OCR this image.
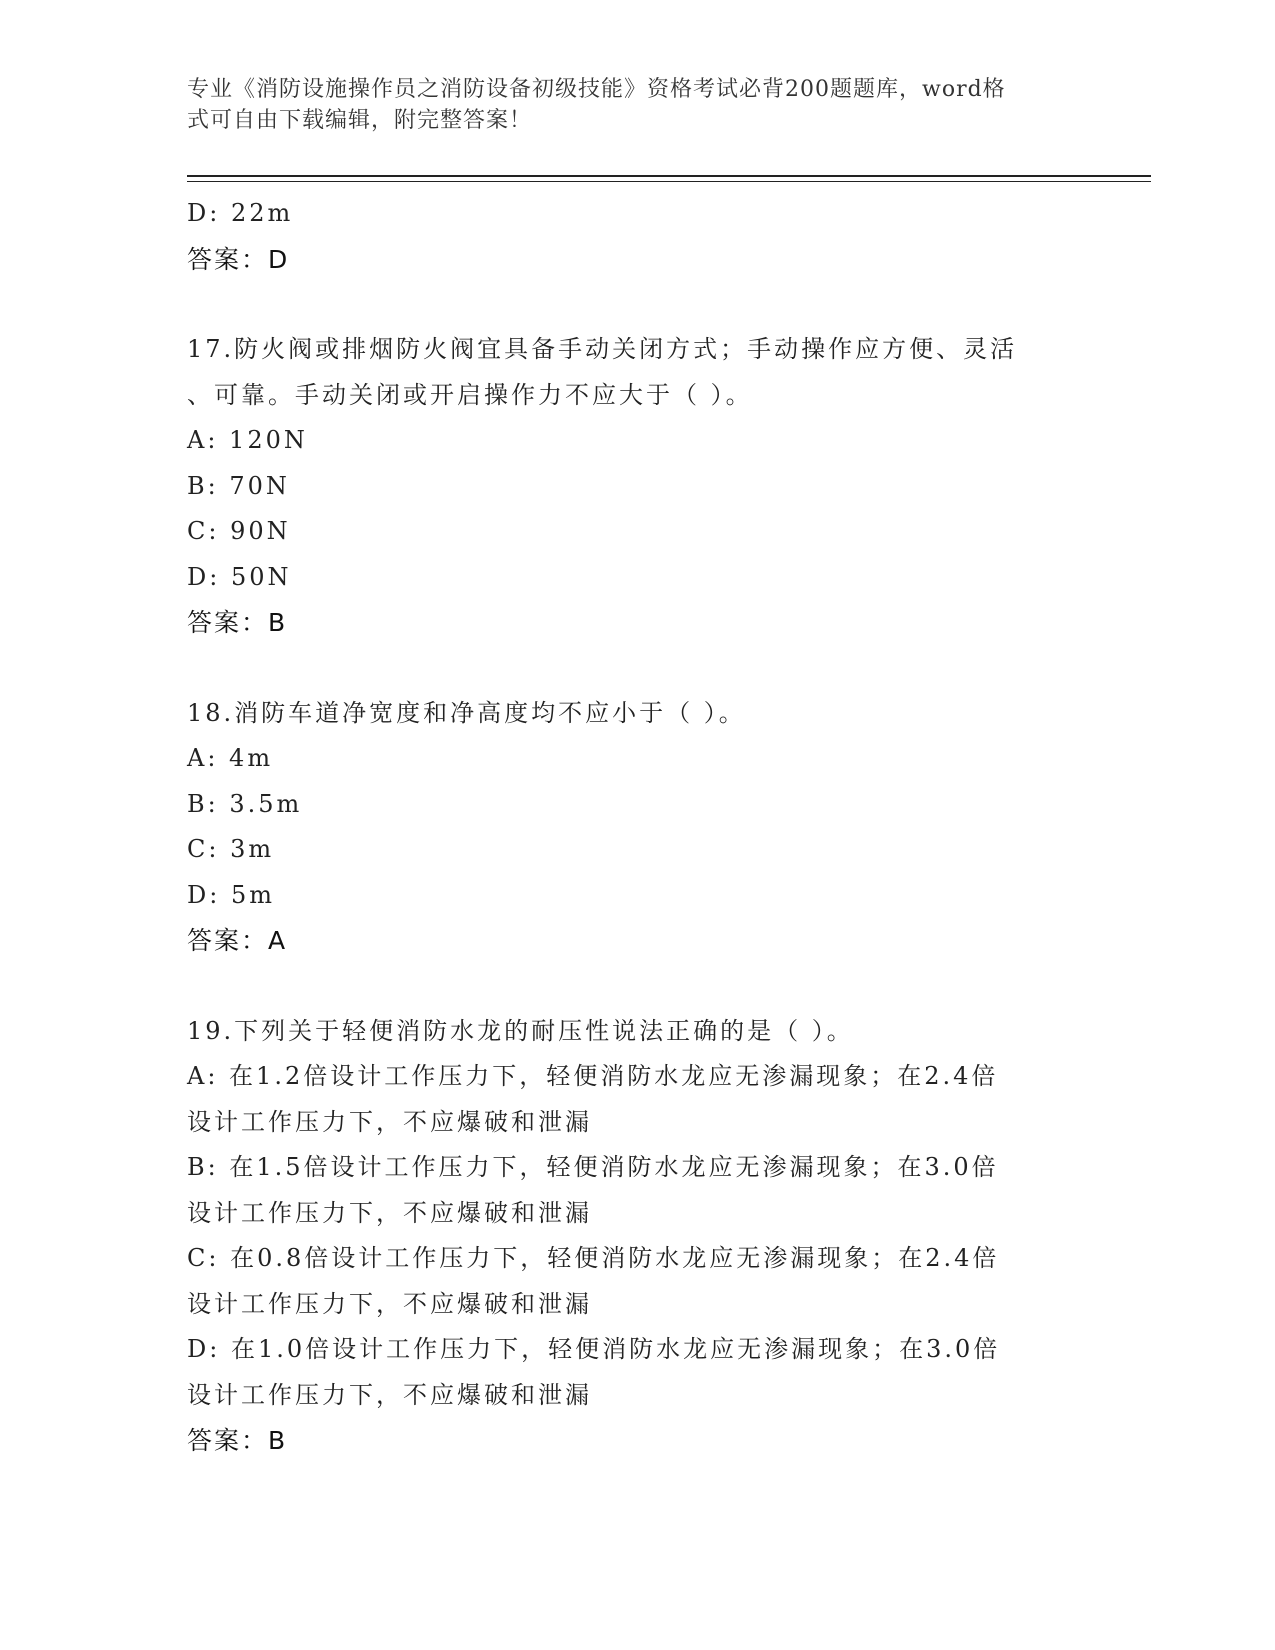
专业《消防设施操作员之消防设备初级技能》资格考试必背200题题库，word格
式可自由下载编辑，附完整答案！
D: 22m
答案：D
17.防火阀或排烟防火阀宜具备手动关闭方式；手动操作应方便、灵活
、可靠。手动关闭或开启操作力不应大于（ ）。
A: 120N
B: 70N
C: 90N
D: 50N
答案：B
18.消防车道净宽度和净高度均不应小于（ ）。
A: 4m
B: 3.5m
C: 3m
D: 5m
答案：A
19.下列关于轻便消防水龙的耐压性说法正确的是（ ）。
A: 在1.2倍设计工作压力下，轻便消防水龙应无渗漏现象；在2.4倍
设计工作压力下，不应爆破和泄漏
B: 在1.5倍设计工作压力下，轻便消防水龙应无渗漏现象；在3.0倍
设计工作压力下，不应爆破和泄漏
C: 在0.8倍设计工作压力下，轻便消防水龙应无渗漏现象；在2.4倍
设计工作压力下，不应爆破和泄漏
D: 在1.0倍设计工作压力下，轻便消防水龙应无渗漏现象；在3.0倍
设计工作压力下，不应爆破和泄漏
答案：B
